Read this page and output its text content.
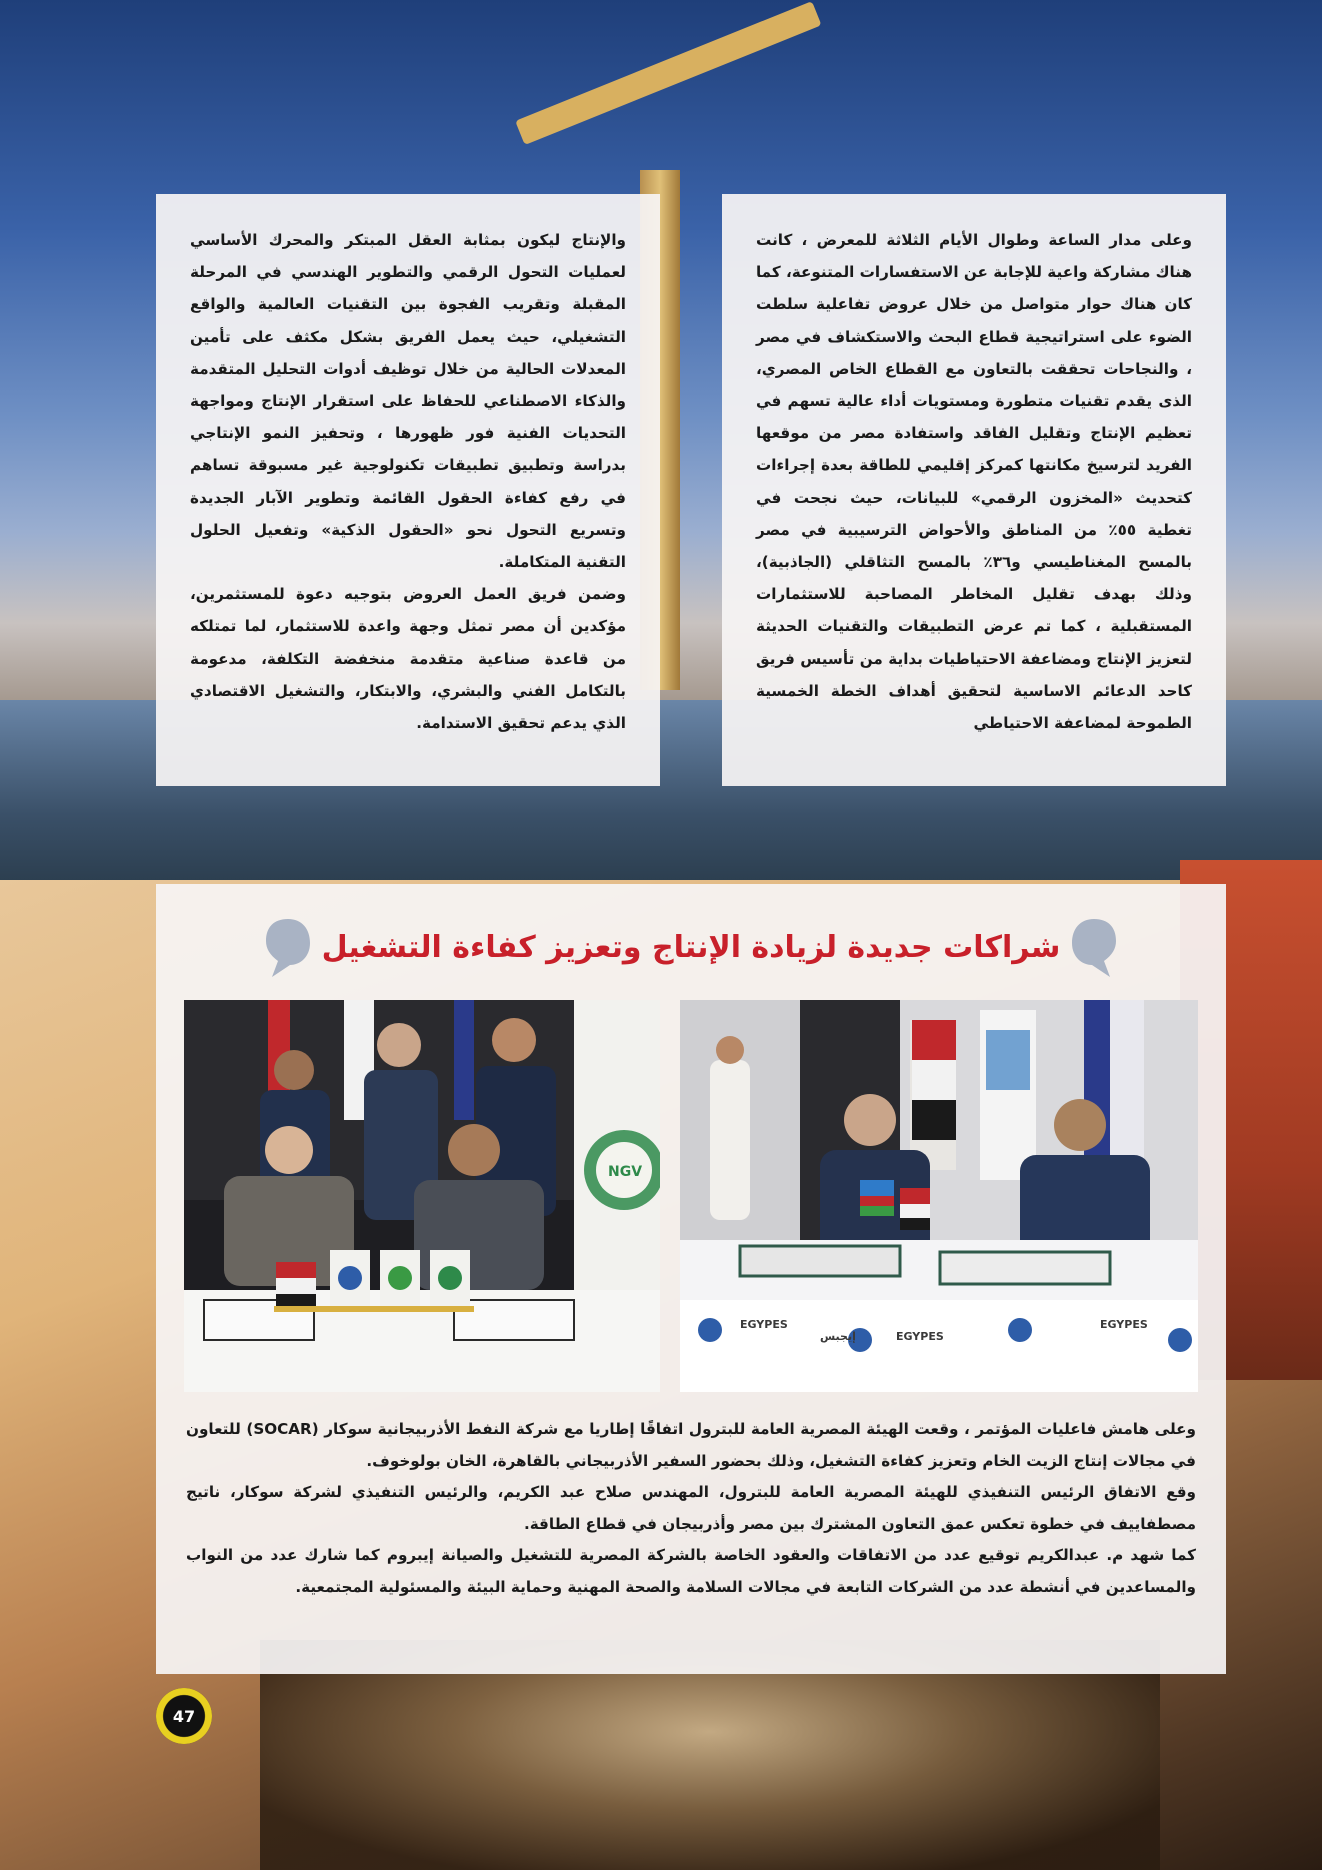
وعلى مدار الساعة وطوال الأيام الثلاثة للمعرض ، كانت هناك مشاركة واعية للإجابة عن الاستفسارات المتنوعة، كما كان هناك حوار متواصل من خلال عروض تفاعلية سلطت الضوء على استراتيجية قطاع البحث والاستكشاف في مصر ، والنجاحات تحققت بالتعاون مع القطاع الخاص المصري، الذى يقدم تقنيات متطورة ومستويات أداء عالية تسهم في تعظيم الإنتاج وتقليل الفاقد واستفادة مصر من موقعها الفريد لترسيخ مكانتها كمركز إقليمي للطاقة بعدة إجراءات كتحديث «المخزون الرقمي» للبيانات، حيث نجحت في تغطية ٥٥٪ من المناطق والأحواض الترسيبية في مصر بالمسح المغناطيسي و٣٦٪ بالمسح التثاقلي (الجاذبية)، وذلك بهدف تقليل المخاطر المصاحبة للاستثمارات المستقبلية ، كما تم عرض التطبيقات والتقنيات الحديثة لتعزيز الإنتاج ومضاعفة الاحتياطيات بداية من تأسيس فريق كاحد الدعائم الاساسية لتحقيق أهداف الخطة الخمسية الطموحة لمضاعفة الاحتياطي

والإنتاج ليكون بمثابة العقل المبتكر والمحرك الأساسي لعمليات التحول الرقمي والتطوير الهندسي في المرحلة المقبلة وتقريب الفجوة بين التقنيات العالمية والواقع التشغيلي، حيث يعمل الفريق بشكل مكثف على تأمين المعدلات الحالية من خلال توظيف أدوات التحليل المتقدمة والذكاء الاصطناعي للحفاظ على استقرار الإنتاج ومواجهة التحديات الفنية فور ظهورها ، وتحفيز النمو الإنتاجي بدراسة وتطبيق تطبيقات تكنولوجية غير مسبوقة تساهم في رفع كفاءة الحقول القائمة وتطوير الآبار الجديدة وتسريع التحول نحو «الحقول الذكية» وتفعيل الحلول التقنية المتكاملة.

وضمن فريق العمل العروض بتوجيه دعوة للمستثمرين، مؤكدين أن مصر تمثل وجهة واعدة للاستثمار، لما تمتلكه من قاعدة صناعية متقدمة منخفضة التكلفة، مدعومة بالتكامل الفني والبشري، والابتكار، والتشغيل الاقتصادي الذي يدعم تحقيق الاستدامة.

شراكات جديدة لزيادة الإنتاج وتعزيز كفاءة التشغيل
EGYPES
EGYPES
EGYPES
إيجبس
NGV

وعلى هامش فاعليات المؤتمر ، وقعت الهيئة المصرية العامة للبترول اتفاقًا إطاريا مع شركة النفط الأذربيجانية سوكار (SOCAR) للتعاون في مجالات إنتاج الزيت الخام وتعزيز كفاءة التشغيل، وذلك بحضور السفير الأذربيجاني بالقاهرة، الخان بولوخوف.

وقع الاتفاق الرئيس التنفيذي للهيئة المصرية العامة للبترول، المهندس صلاح عبد الكريم، والرئيس التنفيذي لشركة سوكار، ناتيج مصطفاييف في خطوة تعكس عمق التعاون المشترك بين مصر وأذربيجان في قطاع الطاقة.

كما شهد م. عبدالكريم توقيع عدد من الاتفاقات والعقود الخاصة بالشركة المصرية للتشغيل والصيانة إيبروم كما شارك عدد من النواب والمساعدين في أنشطة عدد من الشركات التابعة في مجالات السلامة والصحة المهنية وحماية البيئة والمسئولية المجتمعية.

47
